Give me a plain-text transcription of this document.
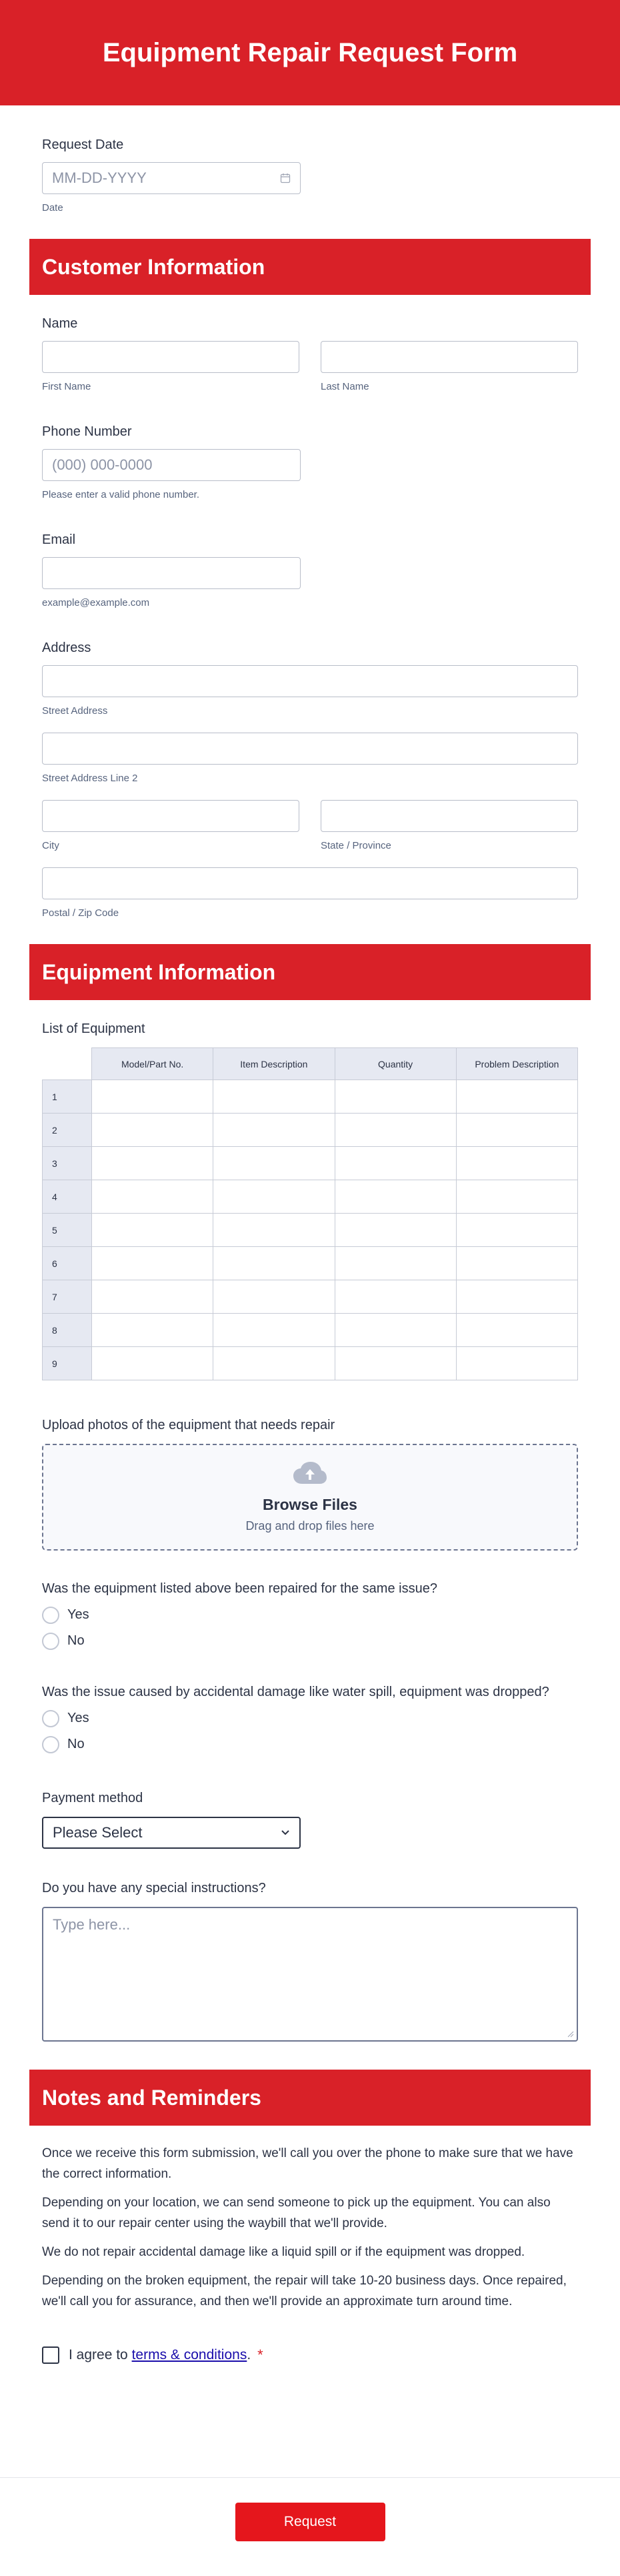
Equipment Repair Request Form
Request Date
MM-DD-YYYY
Date
Customer Information
Name
First Name	Last Name
Phone Number
(000) 000-0000
Please enter a valid phone number.
Email
example@example.com
Address
Street Address
Street Address Line 2
City	State / Province
Postal / Zip Code
Equipment Information
List of Equipment
	Model/Part No.	Item Description	Quantity	Problem Description
1				
2				
3				
4				
5				
6				
7				
8				
9				
Upload photos of the equipment that needs repair
Browse Files
Drag and drop files here
Was the equipment listed above been repaired for the same issue?
Yes
No
Was the issue caused by accidental damage like water spill, equipment was dropped?
Yes
No
Payment method
Please Select
Do you have any special instructions?
Type here...
Notes and Reminders

Once we receive this form submission, we'll call you over the phone to make sure that we have the correct information.

Depending on your location, we can send someone to pick up the equipment. You can also send it to our repair center using the waybill that we'll provide.

We do not repair accidental damage like a liquid spill or if the equipment was dropped.

Depending on the broken equipment, the repair will take 10-20 business days. Once repaired, we'll call you for assurance, and then we'll provide an approximate turn around time.

I agree to
terms & conditions . *
Request
